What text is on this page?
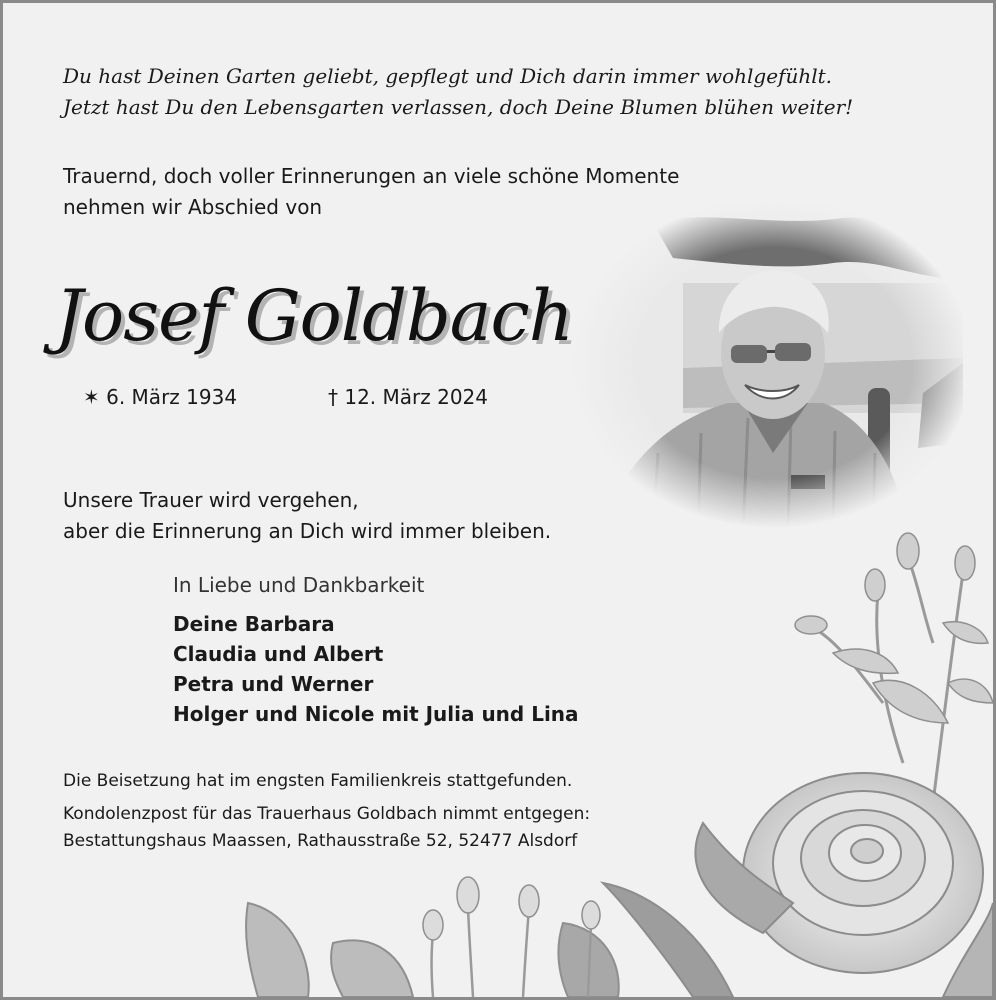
Du hast Deinen Garten geliebt, gepflegt und Dich darin immer wohlgefühlt.
Jetzt hast Du den Lebensgarten verlassen, doch Deine Blumen blühen weiter!
Trauernd, doch voller Erinnerungen an viele schöne Momente
nehmen wir Abschied von
Josef Goldbach
✶ 6. März 1934	† 12. März 2024
Unsere Trauer wird vergehen,
aber die Erinnerung an Dich wird immer bleiben.
In Liebe und Dankbarkeit
Deine Barbara
Claudia und Albert
Petra und Werner
Holger und Nicole mit Julia und Lina
Die Beisetzung hat im engsten Familienkreis stattgefunden.
Kondolenzpost für das Trauerhaus Goldbach nimmt entgegen:
Bestattungshaus Maassen, Rathausstraße 52, 52477 Alsdorf
